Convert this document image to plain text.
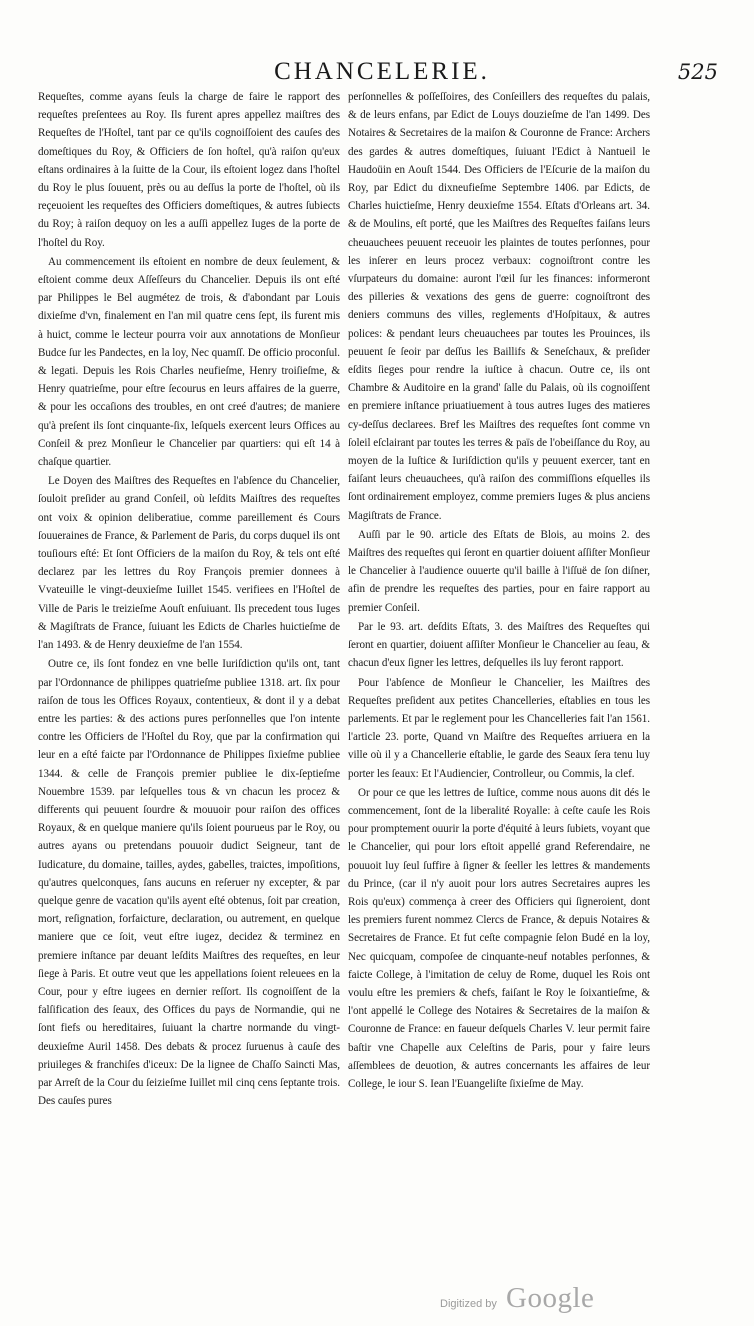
CHANCELERIE.	525

Requeſtes, comme ayans ſeuls la charge de faire le rapport des requeſtes preſentees au Roy. Ils furent apres appellez maiſtres des Requeſtes de l'Hoſtel, tant par ce qu'ils cognoiſſoient des cauſes des domeſtiques du Roy, & Officiers de ſon hoſtel, qu'à raiſon qu'eux eſtans ordinaires à la ſuitte de la Cour, ils eſtoient logez dans l'hoſtel du Roy le plus ſouuent, près ou au deſſus la porte de l'hoſtel, où ils reçeuoient les requeſtes des Officiers domeſtiques, & autres ſubiects du Roy; à raiſon dequoy on les a auſſi appellez Iuges de la porte de l'hoſtel du Roy.

Au commencement ils eſtoient en nombre de deux ſeulement, & eſtoient comme deux Aſſeſſeurs du Chancelier. Depuis ils ont eſté par Philippes le Bel augmétez de trois, & d'abondant par Louis dixieſme d'vn, finalement en l'an mil quatre cens ſept, ils furent mis à huict, comme le lecteur pourra voir aux annotations de Monſieur Budce ſur les Pandectes, en la loy, Nec quamſſ. De officio proconſul. & legati. Depuis les Rois Charles neufieſme, Henry troiſieſme, & Henry quatrieſme, pour eſtre ſecourus en leurs affaires de la guerre, & pour les occaſions des troubles, en ont creé d'autres; de maniere qu'à preſent ils ſont cinquante-ſix, leſquels exercent leurs Offices au Conſeil & prez Monſieur le Chancelier par quartiers: qui eſt 14 à chaſque quartier.

Le Doyen des Maiſtres des Requeſtes en l'abſence du Chancelier, ſouloit preſider au grand Conſeil, où leſdits Maiſtres des requeſtes ont voix & opinion deliberatiue, comme pareillement és Cours ſouueraines de France, & Parlement de Paris, du corps duquel ils ont touſiours eſté: Et ſont Officiers de la maiſon du Roy, & tels ont eſté declarez par les lettres du Roy François premier donnees à Vvateuille le vingt-deuxieſme Iuillet 1545. verifiees en l'Hoſtel de Ville de Paris le treizieſme Aouſt enſuiuant. Ils precedent tous Iuges & Magiſtrats de France, ſuiuant les Edicts de Charles huictieſme de l'an 1493. & de Henry deuxieſme de l'an 1554.

Outre ce, ils ſont fondez en vne belle Iuriſdiction qu'ils ont, tant par l'Ordonnance de philippes quatrieſme publiee 1318. art. ſix pour raiſon de tous les Offices Royaux, contentieux, & dont il y a debat entre les parties: & des actions pures perſonnelles que l'on intente contre les Officiers de l'Hoſtel du Roy, que par la confirmation qui leur en a eſté faicte par l'Ordonnance de Philippes ſixieſme publiee 1344. & celle de François premier publiee le dix-ſeptieſme Nouembre 1539. par leſquelles tous & vn chacun les procez & differents qui peuuent ſourdre & mouuoir pour raiſon des offices Royaux, & en quelque maniere qu'ils ſoient pourueus par le Roy, ou autres ayans ou pretendans pouuoir dudict Seigneur, tant de Iudicature, du domaine, tailles, aydes, gabelles, traictes, impoſitions, qu'autres quelconques, ſans aucuns en reſeruer ny excepter, & par quelque genre de vacation qu'ils ayent eſté obtenus, ſoit par creation, mort, reſignation, forfaicture, declaration, ou autrement, en quelque maniere que ce ſoit, veut eſtre iugez, decidez & terminez en premiere inſtance par deuant leſdits Maiſtres des requeſtes, en leur ſiege à Paris. Et outre veut que les appellations ſoient releuees en la Cour, pour y eſtre iugees en dernier reſſort. Ils cognoiſſent de la falſification des ſeaux, des Offices du pays de Normandie, qui ne ſont fiefs ou hereditaires, ſuiuant la chartre normande du vingt-deuxieſme Auril 1458. Des debats & procez ſuruenus à cauſe des priuileges & franchiſes d'iceux: De la lignee de Chaſſo Saincti Mas, par Arreſt de la Cour du ſeizieſme Iuillet mil cinq cens ſeptante trois. Des cauſes pures

perſonnelles & poſſeſſoires, des Conſeillers des requeſtes du palais, & de leurs enfans, par Edict de Louys douzieſme de l'an 1499. Des Notaires & Secretaires de la maiſon & Couronne de France: Archers des gardes & autres domeſtiques, ſuiuant l'Edict à Nantueil le Haudoüin en Aouſt 1544. Des Officiers de l'Eſcurie de la maiſon du Roy, par Edict du dixneufieſme Septembre 1406. par Edicts, de Charles huictieſme, Henry deuxieſme 1554. Eſtats d'Orleans art. 34. & de Moulins, eſt porté, que les Maiſtres des Requeſtes faiſans leurs cheuauchees peuuent receuoir les plaintes de toutes perſonnes, pour les inſerer en leurs procez verbaux: cognoiſtront contre les vſurpateurs du domaine: auront l'œil ſur les finances: informeront des pilleries & vexations des gens de guerre: cognoiſtront des deniers communs des villes, reglements d'Hoſpitaux, & autres polices: & pendant leurs cheuauchees par toutes les Prouinces, ils peuuent ſe ſeoir par deſſus les Baillifs & Seneſchaux, & preſider eſdits ſieges pour rendre la iuſtice à chacun. Outre ce, ils ont Chambre & Auditoire en la grand' ſalle du Palais, où ils cognoiſſent en premiere inſtance priuatiuement à tous autres Iuges des matieres cy-deſſus declarees. Bref les Maiſtres des requeſtes ſont comme vn ſoleil eſclairant par toutes les terres & païs de l'obeiſſance du Roy, au moyen de la Iuſtice & Iuriſdiction qu'ils y peuuent exercer, tant en faiſant leurs cheuauchees, qu'à raiſon des commiſſions eſquelles ils ſont ordinairement employez, comme premiers Iuges & plus anciens Magiſtrats de France.

Auſſi par le 90. article des Eſtats de Blois, au moins 2. des Maiſtres des requeſtes qui ſeront en quartier doiuent aſſiſter Monſieur le Chancelier à l'audience ouuerte qu'il baille à l'iſſuë de ſon diſner, afin de prendre les requeſtes des parties, pour en faire rapport au premier Conſeil.

Par le 93. art. deſdits Eſtats, 3. des Maiſtres des Requeſtes qui ſeront en quartier, doiuent aſſiſter Monſieur le Chancelier au ſeau, & chacun d'eux ſigner les lettres, deſquelles ils luy feront rapport.

Pour l'abſence de Monſieur le Chancelier, les Maiſtres des Requeſtes preſident aux petites Chancelleries, eſtablies en tous les parlements. Et par le reglement pour les Chancelleries fait l'an 1561. l'article 23. porte, Quand vn Maiſtre des Requeſtes arriuera en la ville où il y a Chancellerie eſtablie, le garde des Seaux ſera tenu luy porter les ſeaux: Et l'Audiencier, Controlleur, ou Commis, la clef.

Or pour ce que les lettres de Iuſtice, comme nous auons dit dés le commencement, ſont de la liberalité Royalle: à ceſte cauſe les Rois pour promptement ouurir la porte d'équité à leurs ſubiets, voyant que le Chancelier, qui pour lors eſtoit appellé grand Referendaire, ne pouuoit luy ſeul ſuffire à ſigner & ſeeller les lettres & mandements du Prince, (car il n'y auoit pour lors autres Secretaires aupres les Rois qu'eux) commença à creer des Officiers qui ſigneroient, dont les premiers furent nommez Clercs de France, & depuis Notaires & Secretaires de France. Et fut ceſte compagnie ſelon Budé en la loy, Nec quicquam, compoſee de cinquante-neuf notables perſonnes, & faicte College, à l'imitation de celuy de Rome, duquel les Rois ont voulu eſtre les premiers & chefs, faiſant le Roy le ſoixantieſme, & l'ont appellé le College des Notaires & Secretaires de la maiſon & Couronne de France: en faueur deſquels Charles V. leur permit faire baſtir vne Chapelle aux Celeſtins de Paris, pour y faire leurs aſſemblees de deuotion, & autres concernants les affaires de leur College, le iour S. Iean l'Euangeliſte ſixieſme de May.

Digitized by Google
